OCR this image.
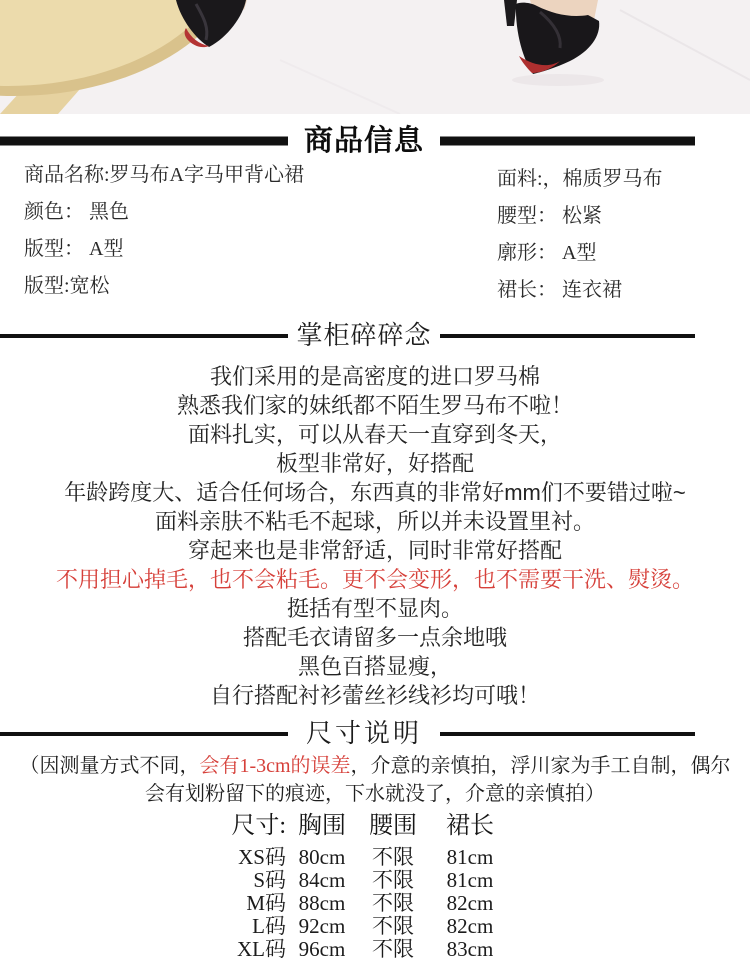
商品信息

商品名称:罗马布A字马甲背心裙

颜色： 黑色

版型： A型

版型:宽松

面料:，棉质罗马布

腰型： 松紧

廓形： A型

裙长： 连衣裙

掌柜碎碎念

我们采用的是高密度的进口罗马棉

熟悉我们家的妹纸都不陌生罗马布不啦！

面料扎实，可以从春天一直穿到冬天，

板型非常好，好搭配

年龄跨度大、适合任何场合，东西真的非常好mm们不要错过啦~

面料亲肤不粘毛不起球，所以并未设置里衬。

穿起来也是非常舒适，同时非常好搭配

不用担心掉毛，也不会粘毛。更不会变形，也不需要干洗、熨烫。

挺括有型不显肉。

搭配毛衣请留多一点余地哦

黑色百搭显瘦，

自行搭配衬衫蕾丝衫线衫均可哦！

尺寸说明
（因测量方式不同，会有1-3cm的误差，介意的亲慎拍，浮川家为手工自制，偶尔
会有划粉留下的痕迹，下水就没了，介意的亲慎拍）
尺寸: 胸围 腰围	裙长
XS码 80cm	不限	81cm
S码 84cm	不限	81cm
M码 88cm	不限	82cm
L码 92cm	不限	82cm
XL码 96cm	不限	83cm
